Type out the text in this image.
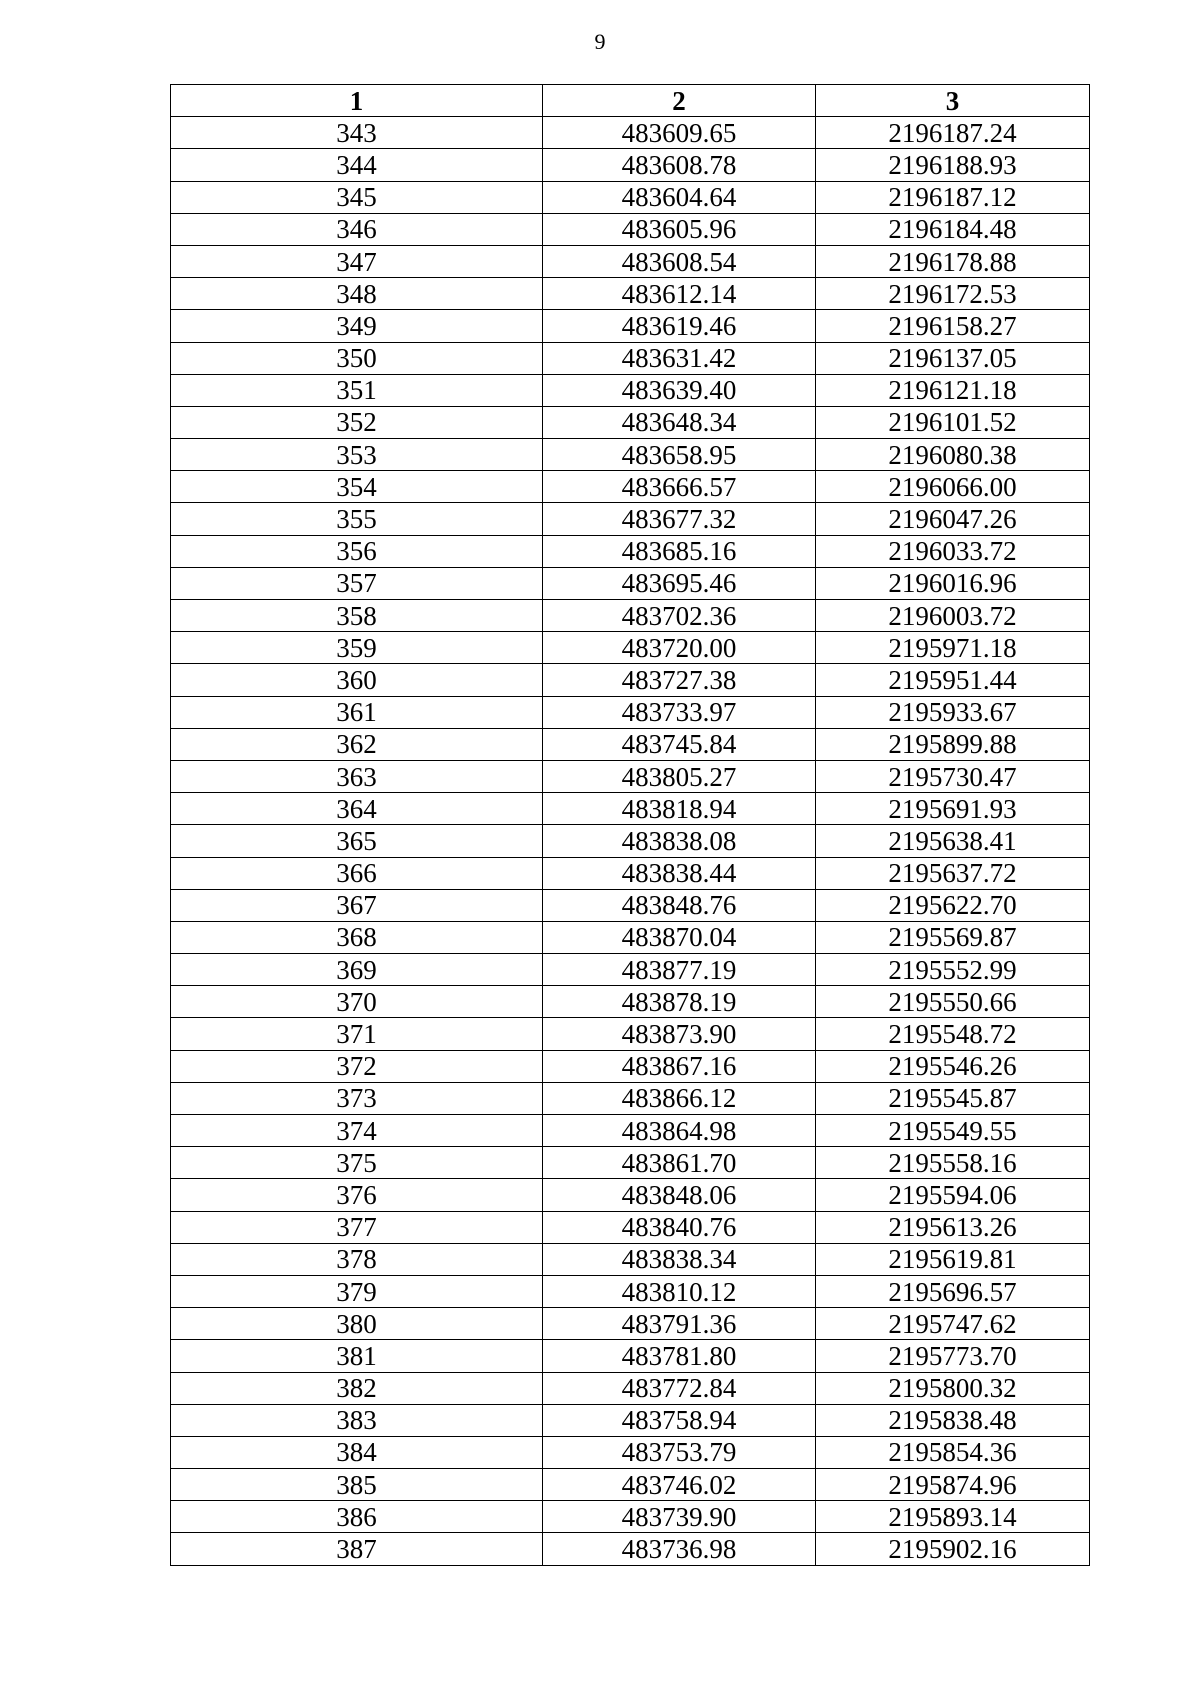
9
1	2	3
343	483609.65	2196187.24
344	483608.78	2196188.93
345	483604.64	2196187.12
346	483605.96	2196184.48
347	483608.54	2196178.88
348	483612.14	2196172.53
349	483619.46	2196158.27
350	483631.42	2196137.05
351	483639.40	2196121.18
352	483648.34	2196101.52
353	483658.95	2196080.38
354	483666.57	2196066.00
355	483677.32	2196047.26
356	483685.16	2196033.72
357	483695.46	2196016.96
358	483702.36	2196003.72
359	483720.00	2195971.18
360	483727.38	2195951.44
361	483733.97	2195933.67
362	483745.84	2195899.88
363	483805.27	2195730.47
364	483818.94	2195691.93
365	483838.08	2195638.41
366	483838.44	2195637.72
367	483848.76	2195622.70
368	483870.04	2195569.87
369	483877.19	2195552.99
370	483878.19	2195550.66
371	483873.90	2195548.72
372	483867.16	2195546.26
373	483866.12	2195545.87
374	483864.98	2195549.55
375	483861.70	2195558.16
376	483848.06	2195594.06
377	483840.76	2195613.26
378	483838.34	2195619.81
379	483810.12	2195696.57
380	483791.36	2195747.62
381	483781.80	2195773.70
382	483772.84	2195800.32
383	483758.94	2195838.48
384	483753.79	2195854.36
385	483746.02	2195874.96
386	483739.90	2195893.14
387	483736.98	2195902.16
